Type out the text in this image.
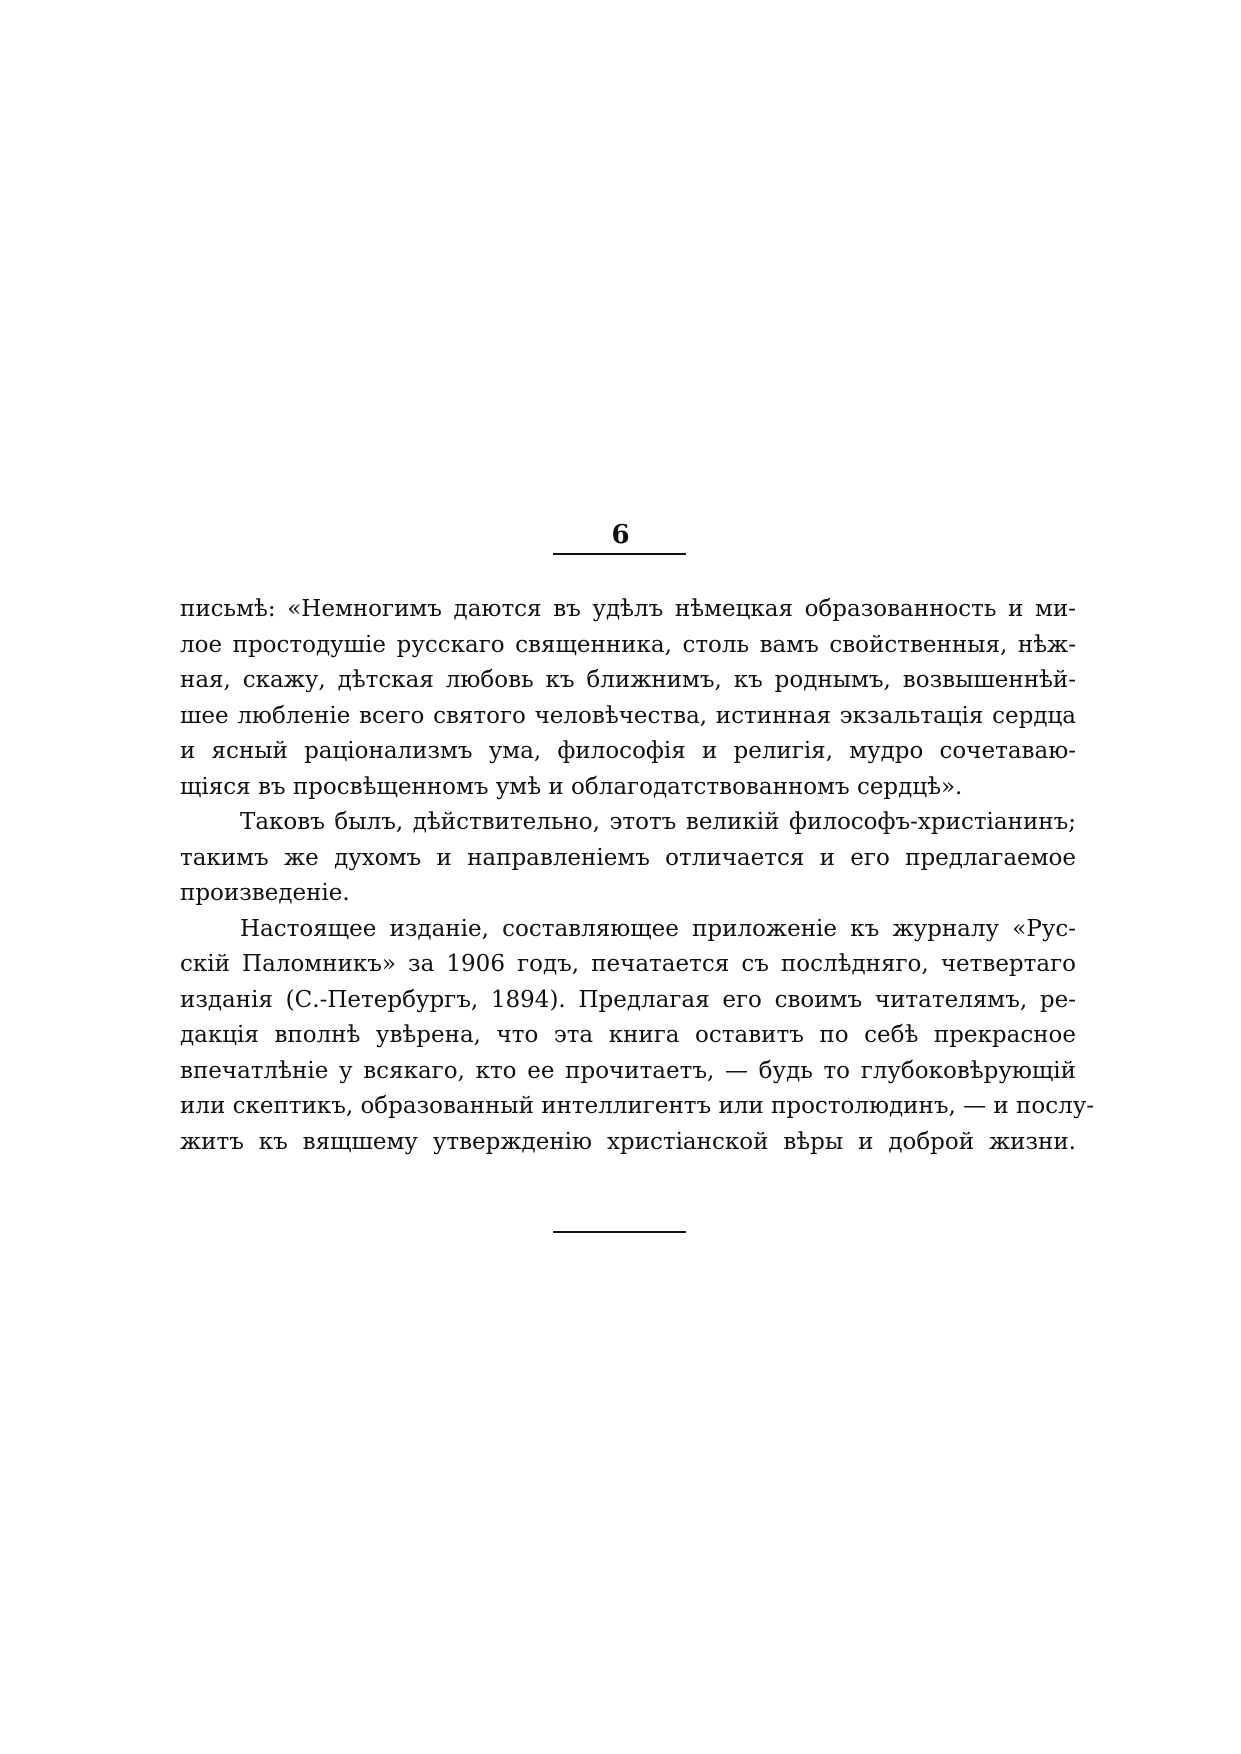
6
письмѣ: «Немногимъ даются въ удѣлъ нѣмецкая образованность и ми-
лое простодушіе русскаго священника, столь вамъ свойственныя, нѣж-
ная, скажу, дѣтская любовь къ ближнимъ, къ роднымъ, возвышеннѣй-
шее любленіе всего святого человѣчества, истинная экзальтація сердца
и ясный раціонализмъ ума, философія и религія, мудро сочетаваю-
щіяся въ просвѣщенномъ умѣ и облагодатствованномъ сердцѣ».
Таковъ былъ, дѣйствительно, этотъ великій философъ-христіанинъ;
такимъ же духомъ и направленіемъ отличается и его предлагаемое
произведеніе.
Настоящее изданіе, составляющее приложеніе къ журналу «Рус-
скій Паломникъ» за 1906 годъ, печатается съ послѣдняго, четвертаго
изданія (С.-Петербургъ, 1894). Предлагая его своимъ читателямъ, ре-
дакція вполнѣ увѣрена, что эта книга оставитъ по себѣ прекрасное
впечатлѣніе у всякаго, кто ее прочитаетъ, — будь то глубоковѣрующій
или скептикъ, образованный интеллигентъ или простолюдинъ, — и послу-
житъ къ вящшему утвержденію христіанской вѣры и доброй жизни.
